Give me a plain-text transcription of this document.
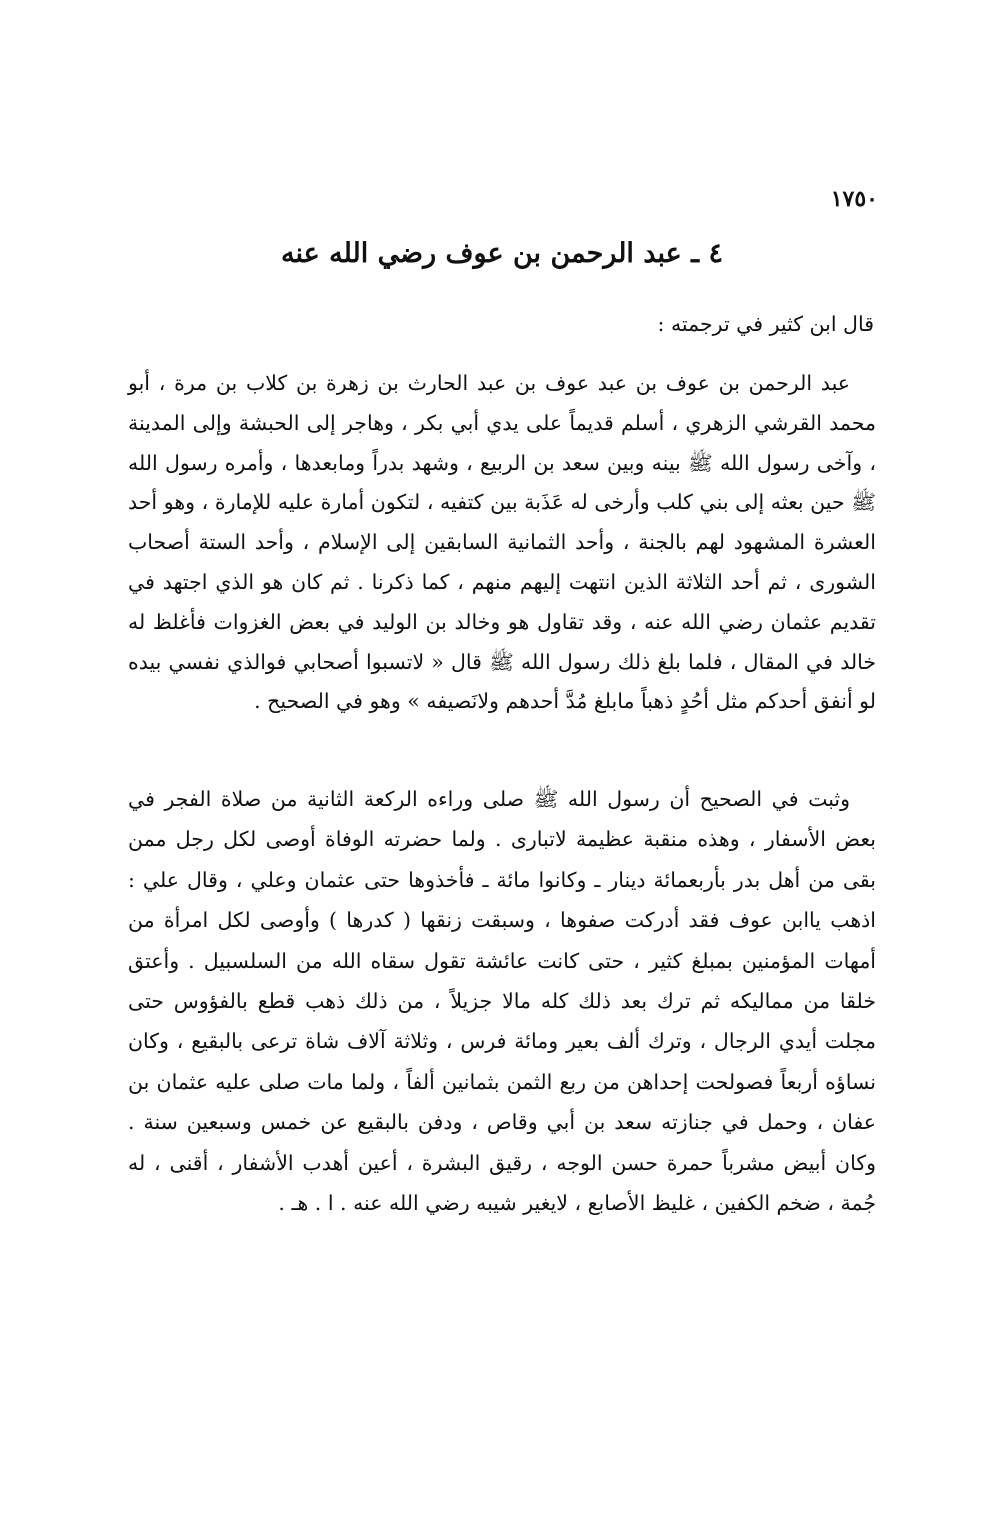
١٧٥٠
٤ ـ عبد الرحمن بن عوف رضي الله عنه

قال ابن كثير في ترجمته :

عبد الرحمن بن عوف بن عبد عوف بن عبد الحارث بن زهرة بن كلاب بن مرة ، أبو محمد القرشي الزهري ، أسلم قديماً على يدي أبي بكر ، وهاجر إلى الحبشة وإلى المدينة ، وآخى رسول الله ﷺ بينه وبين سعد بن الربيع ، وشهد بدراً ومابعدها ، وأمره رسول الله ﷺ حين بعثه إلى بني كلب وأرخى له عَذَبة بين كتفيه ، لتكون أمارة عليه للإمارة ، وهو أحد العشرة المشهود لهم بالجنة ، وأحد الثمانية السابقين إلى الإسلام ، وأحد الستة أصحاب الشورى ، ثم أحد الثلاثة الذين انتهت إليهم منهم ، كما ذكرنا . ثم كان هو الذي اجتهد في تقديم عثمان رضي الله عنه ، وقد تقاول هو وخالد بن الوليد في بعض الغزوات فأغلظ له خالد في المقال ، فلما بلغ ذلك رسول الله ﷺ قال « لاتسبوا أصحابي فوالذي نفسي بيده لو أنفق أحدكم مثل أحُدٍ ذهباً مابلغ مُدَّ أحدهم ولانَصيفه » وهو في الصحيح .

وثبت في الصحيح أن رسول الله ﷺ صلى وراءه الركعة الثانية من صلاة الفجر في بعض الأسفار ، وهذه منقبة عظيمة لاتبارى . ولما حضرته الوفاة أوصى لكل رجل ممن بقى من أهل بدر بأربعمائة دينار ـ وكانوا مائة ـ فأخذوها حتى عثمان وعلي ، وقال علي : اذهب ياابن عوف فقد أدركت صفوها ، وسبقت زنقها ( كدرها ) وأوصى لكل امرأة من أمهات المؤمنين بمبلغ كثير ، حتى كانت عائشة تقول سقاه الله من السلسبيل . وأعتق خلقا من مماليكه ثم ترك بعد ذلك كله مالا جزيلاً ، من ذلك ذهب قطع بالفؤوس حتى مجلت أيدي الرجال ، وترك ألف بعير ومائة فرس ، وثلاثة آلاف شاة ترعى بالبقيع ، وكان نساؤه أربعاً فصولحت إحداهن من ربع الثمن بثمانين ألفاً ، ولما مات صلى عليه عثمان بن عفان ، وحمل في جنازته سعد بن أبي وقاص ، ودفن بالبقيع عن خمس وسبعين سنة . وكان أبيض مشرباً حمرة حسن الوجه ، رقيق البشرة ، أعين أهدب الأشفار ، أقنى ، له جُمة ، ضخم الكفين ، غليظ الأصابع ، لايغير شيبه رضي الله عنه . ا . هـ .
